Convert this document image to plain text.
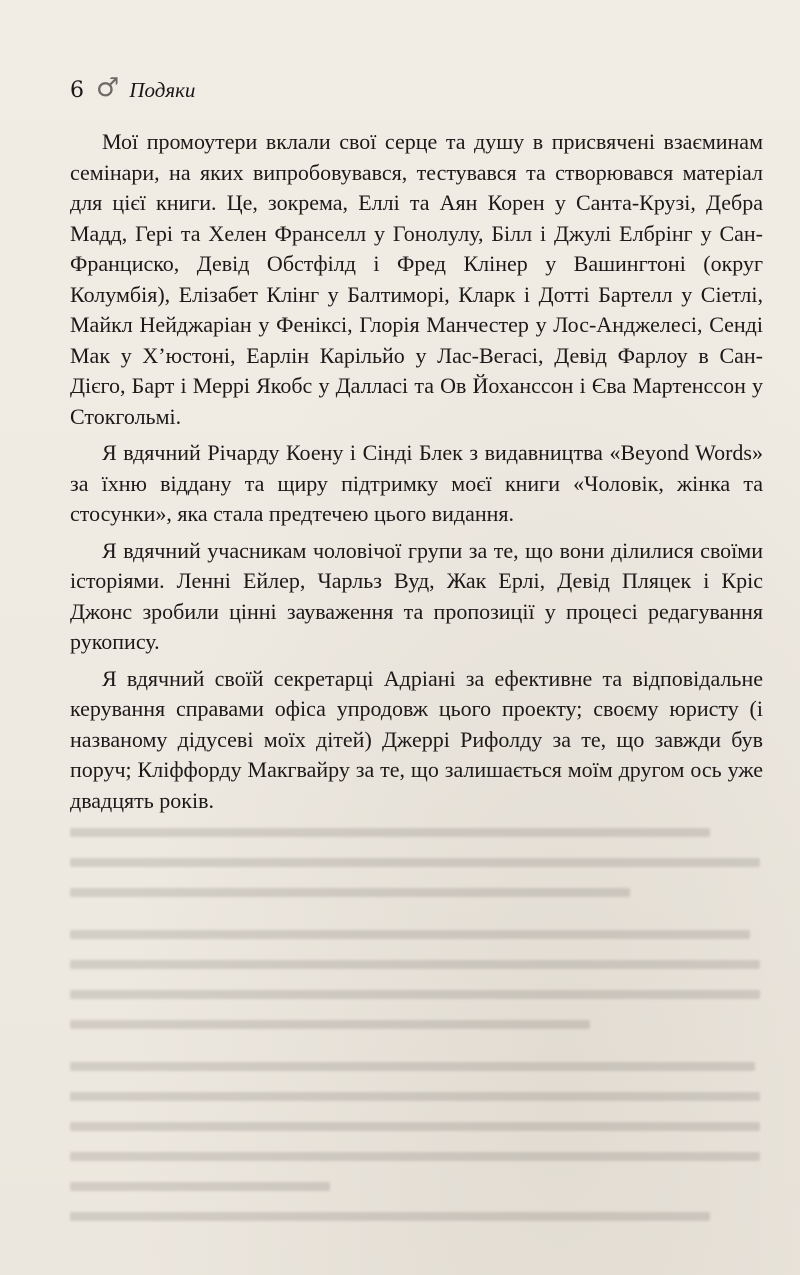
6 ♂ Подяки

Мої промоутери вклали свої серце та душу в присвячені взаєминам семінари, на яких випробовувався, тестувався та створювався матеріал для цієї книги. Це, зокрема, Еллі та Аян Корен у Санта-Крузі, Дебра Мадд, Гері та Хелен Франселл у Гонолулу, Білл і Джулі Елбрінг у Сан-Франциско, Девід Обстфілд і Фред Клінер у Вашингтоні (округ Колумбія), Елізабет Клінг у Балтиморі, Кларк і Дотті Бартелл у Сіетлі, Майкл Нейджаріан у Феніксі, Глорія Манчестер у Лос-Анджелесі, Сенді Мак у Х’юстоні, Еарлін Карільйо у Лас-Вегасі, Девід Фарлоу в Сан-Дієго, Барт і Меррі Якобс у Далласі та Ов Йоханссон і Єва Мартенссон у Стокгольмі.

Я вдячний Річарду Коену і Сінді Блек з видавництва «Beyond Words» за їхню віддану та щиру підтримку моєї книги «Чоловік, жінка та стосунки», яка стала предтечею цього видання.

Я вдячний учасникам чоловічої групи за те, що вони ділилися своїми історіями. Ленні Ейлер, Чарльз Вуд, Жак Ерлі, Девід Пляцек і Кріс Джонс зробили цінні зауваження та пропозиції у процесі редагування рукопису.

Я вдячний своїй секретарці Адріані за ефективне та відповідальне керування справами офіса упродовж цього проекту; своєму юристу (і названому дідусеві моїх дітей) Джеррі Рифолду за те, що завжди був поруч; Кліффорду Макгвайру за те, що залишається моїм другом ось уже двадцять років.
